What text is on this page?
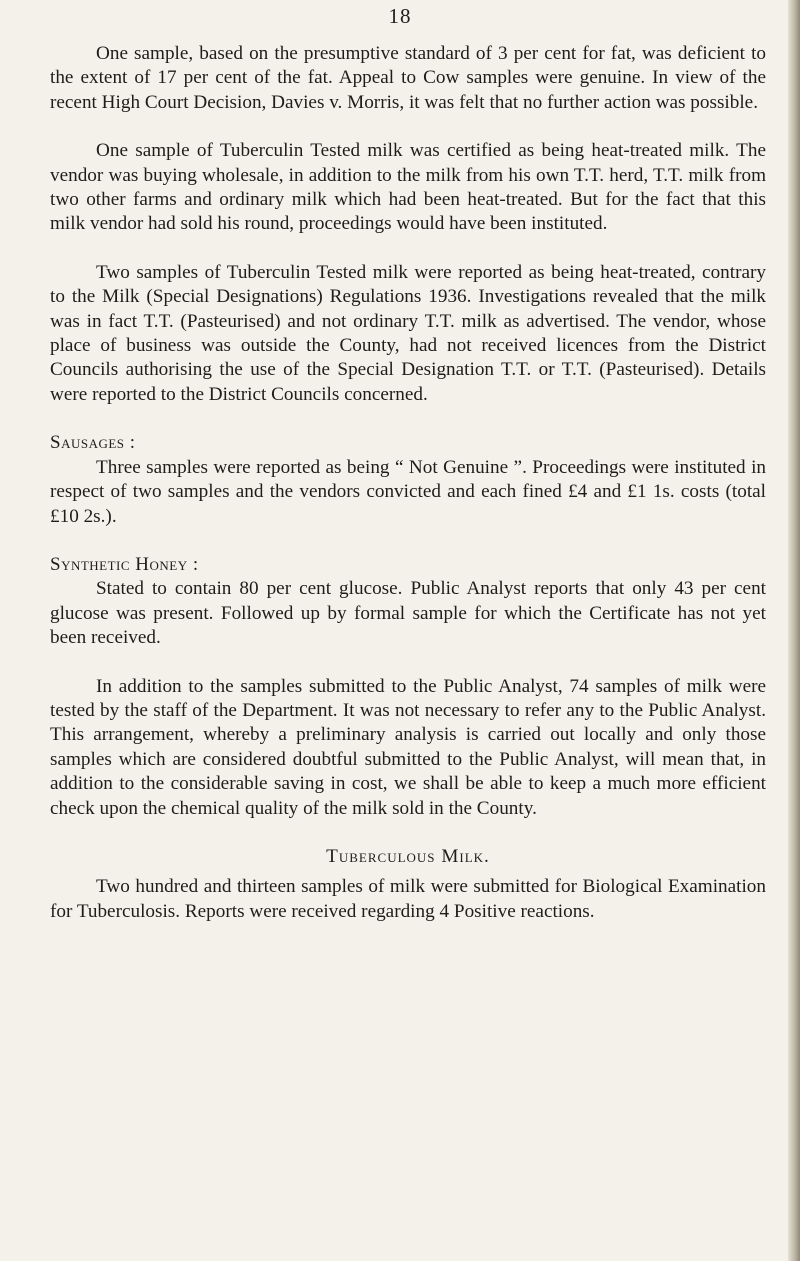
18

One sample, based on the presumptive standard of 3 per cent for fat, was deficient to the extent of 17 per cent of the fat. Appeal to Cow samples were genuine. In view of the recent High Court Decision, Davies v. Morris, it was felt that no further action was possible.

One sample of Tuberculin Tested milk was certified as being heat-treated milk. The vendor was buying wholesale, in addition to the milk from his own T.T. herd, T.T. milk from two other farms and ordinary milk which had been heat-treated. But for the fact that this milk vendor had sold his round, proceedings would have been instituted.

Two samples of Tuberculin Tested milk were reported as being heat-treated, contrary to the Milk (Special Designations) Regulations 1936. Investigations revealed that the milk was in fact T.T. (Pasteurised) and not ordinary T.T. milk as advertised. The vendor, whose place of business was outside the County, had not received licences from the District Councils authorising the use of the Special Designation T.T. or T.T. (Pasteurised). Details were reported to the District Councils concerned.

Sausages :
Three samples were reported as being “ Not Genuine ”. Proceedings were instituted in respect of two samples and the vendors convicted and each fined £4 and £1 1s. costs (total £10 2s.).
Synthetic Honey :
Stated to contain 80 per cent glucose. Public Analyst reports that only 43 per cent glucose was present. Followed up by formal sample for which the Certificate has not yet been received.

In addition to the samples submitted to the Public Analyst, 74 samples of milk were tested by the staff of the Department. It was not necessary to refer any to the Public Analyst. This arrangement, whereby a preliminary analysis is carried out locally and only those samples which are considered doubtful submitted to the Public Analyst, will mean that, in addition to the considerable saving in cost, we shall be able to keep a much more efficient check upon the chemical quality of the milk sold in the County.

Tuberculous Milk.

Two hundred and thirteen samples of milk were submitted for Biological Examination for Tuberculosis. Reports were received regarding 4 Positive reactions.
